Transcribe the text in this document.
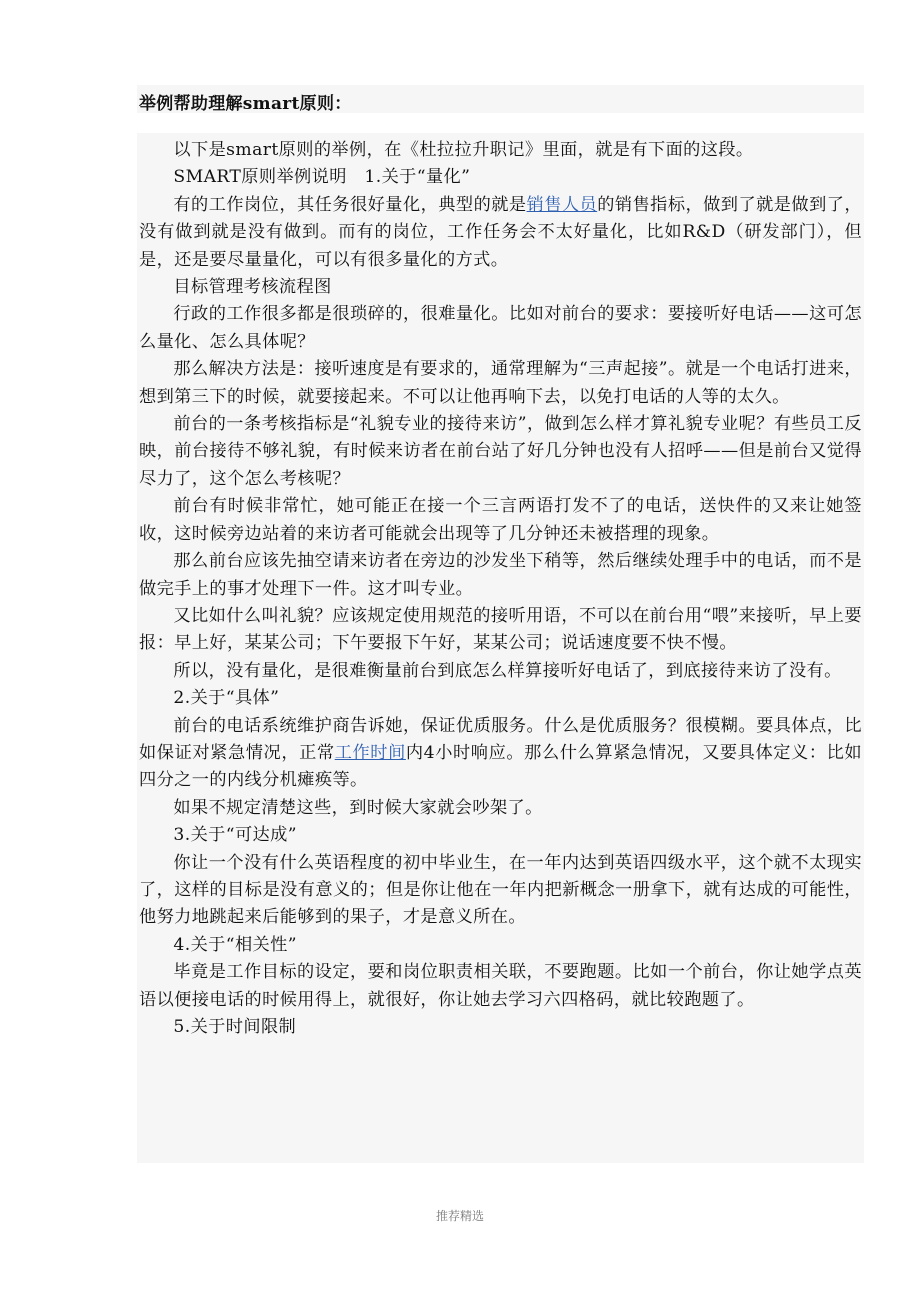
举例帮助理解smart原则：

以下是smart原则的举例，在《杜拉拉升职记》里面，就是有下面的这段。

SMART原则举例说明　1.关于“量化”

有的工作岗位，其任务很好量化，典型的就是销售人员的销售指标，做到了就是做到了，没有做到就是没有做到。而有的岗位，工作任务会不太好量化，比如R&D（研发部门），但是，还是要尽量量化，可以有很多量化的方式。

目标管理考核流程图

行政的工作很多都是很琐碎的，很难量化。比如对前台的要求：要接听好电话——这可怎么量化、怎么具体呢？

那么解决方法是：接听速度是有要求的，通常理解为“三声起接”。就是一个电话打进来，想到第三下的时候，就要接起来。不可以让他再响下去，以免打电话的人等的太久。

前台的一条考核指标是“礼貌专业的接待来访”，做到怎么样才算礼貌专业呢？有些员工反映，前台接待不够礼貌，有时候来访者在前台站了好几分钟也没有人招呼——但是前台又觉得尽力了，这个怎么考核呢？

前台有时候非常忙，她可能正在接一个三言两语打发不了的电话，送快件的又来让她签收，这时候旁边站着的来访者可能就会出现等了几分钟还未被搭理的现象。

那么前台应该先抽空请来访者在旁边的沙发坐下稍等，然后继续处理手中的电话，而不是做完手上的事才处理下一件。这才叫专业。

又比如什么叫礼貌？应该规定使用规范的接听用语，不可以在前台用“喂”来接听，早上要报：早上好，某某公司；下午要报下午好，某某公司；说话速度要不快不慢。

所以，没有量化，是很难衡量前台到底怎么样算接听好电话了，到底接待来访了没有。

2.关于“具体”

前台的电话系统维护商告诉她，保证优质服务。什么是优质服务？很模糊。要具体点，比如保证对紧急情况，正常工作时间内4小时响应。那么什么算紧急情况，又要具体定义：比如四分之一的内线分机瘫痪等。

如果不规定清楚这些，到时候大家就会吵架了。

3.关于“可达成”

你让一个没有什么英语程度的初中毕业生，在一年内达到英语四级水平，这个就不太现实了，这样的目标是没有意义的；但是你让他在一年内把新概念一册拿下，就有达成的可能性，他努力地跳起来后能够到的果子，才是意义所在。

4.关于“相关性”

毕竟是工作目标的设定，要和岗位职责相关联，不要跑题。比如一个前台，你让她学点英语以便接电话的时候用得上，就很好，你让她去学习六四格码，就比较跑题了。

5.关于时间限制

推荐精选
